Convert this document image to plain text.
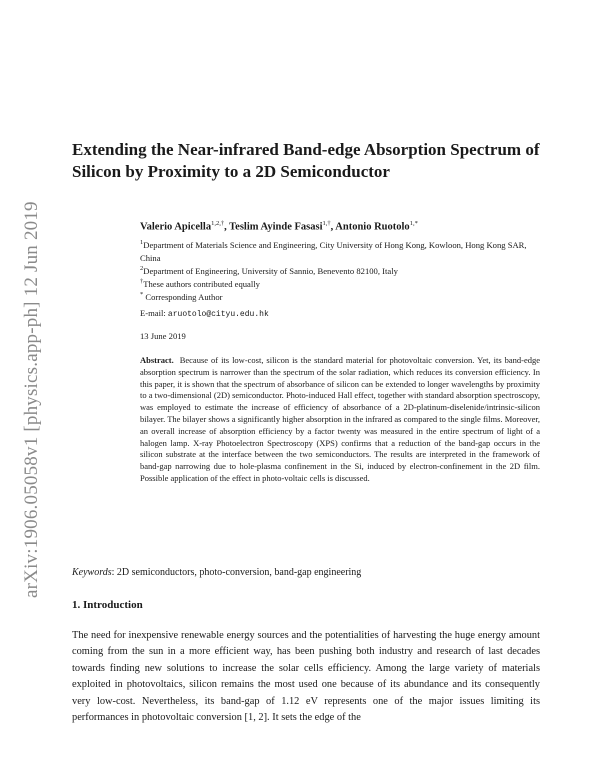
arXiv:1906.05058v1 [physics.app-ph] 12 Jun 2019
Extending the Near-infrared Band-edge Absorption Spectrum of Silicon by Proximity to a 2D Semiconductor
Valerio Apicella$^{1,2,\dagger}$, Teslim Ayinde Fasasi$^{1,\dagger}$, Antonio Ruotolo$^{1,*}$
$^1$Department of Materials Science and Engineering, City University of Hong Kong, Kowloon, Hong Kong SAR, China
$^2$Department of Engineering, University of Sannio, Benevento 82100, Italy
†These authors contributed equally
* Corresponding Author
E-mail: aruotolo@cityu.edu.hk
13 June 2019
Abstract. Because of its low-cost, silicon is the standard material for photovoltaic conversion. Yet, its band-edge absorption spectrum is narrower than the spectrum of the solar radiation, which reduces its conversion efficiency. In this paper, it is shown that the spectrum of absorbance of silicon can be extended to longer wavelengths by proximity to a two-dimensional (2D) semiconductor. Photo-induced Hall effect, together with standard absorption spectroscopy, was employed to estimate the increase of efficiency of absorbance of a 2D-platinum-diselenide/intrinsic-silicon bilayer. The bilayer shows a significantly higher absorption in the infrared as compared to the single films. Moreover, an overall increase of absorption efficiency by a factor twenty was measured in the entire spectrum of light of a halogen lamp. X-ray Photoelectron Spectroscopy (XPS) confirms that a reduction of the band-gap occurs in the silicon substrate at the interface between the two semiconductors. The results are interpreted in the framework of band-gap narrowing due to hole-plasma confinement in the Si, induced by electron-confinement in the 2D film. Possible application of the effect in photo-voltaic cells is discussed.
Keywords: 2D semiconductors, photo-conversion, band-gap engineering
1. Introduction
The need for inexpensive renewable energy sources and the potentialities of harvesting the huge energy amount coming from the sun in a more efficient way, has been pushing both industry and research of last decades towards finding new solutions to increase the solar cells efficiency. Among the large variety of materials exploited in photovoltaics, silicon remains the most used one because of its abundance and its consequently very low-cost. Nevertheless, its band-gap of 1.12 eV represents one of the major issues limiting its performances in photovoltaic conversion [1, 2]. It sets the edge of the
